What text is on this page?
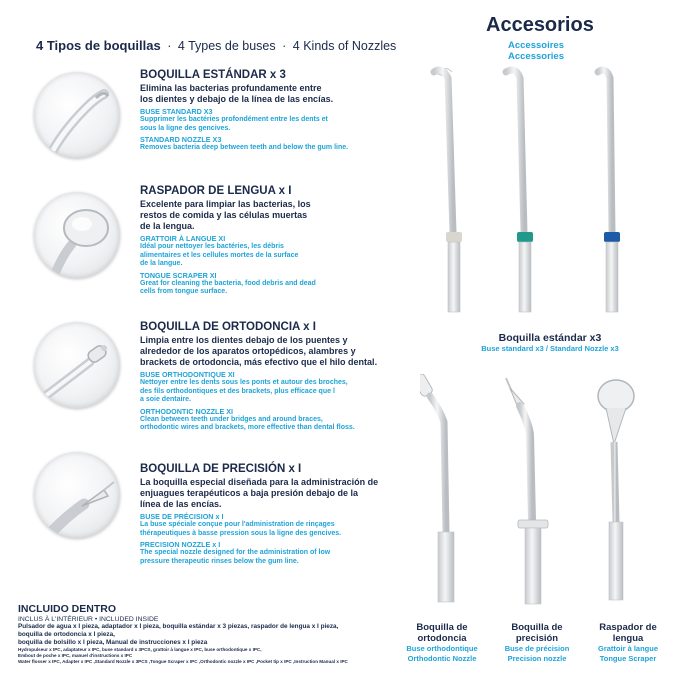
4 Tipos de boquillas · 4 Types de buses · 4 Kinds of Nozzles
BOQUILLA ESTÁNDAR x 3
Elimina las bacterias profundamente entre
los dientes y debajo de la línea de las encías.
BUSE STANDARD X3
Supprimer les bactéries profondément entre les dents et
sous la ligne des gencives.
STANDARD NOZZLE X3
Removes bacteria deep between teeth and below the gum line.
RASPADOR DE LENGUA x I
Excelente para limpiar las bacterias, los
restos de comida y las células muertas
de la lengua.
GRATTOIR À LANGUE XI
Idéal pour nettoyer les bactéries, les débris
alimentaires et les cellules mortes de la surface
de la langue.
TONGUE SCRAPER XI
Great for cleaning the bacteria, food debris and dead
cells from tongue surface.
BOQUILLA DE ORTODONCIA x I
Limpia entre los dientes debajo de los puentes y
alrededor de los aparatos ortopédicos, alambres y
brackets de ortodoncia, más efectivo que el hilo dental.
BUSE ORTHODONTIQUE XI
Nettoyer entre les dents sous les ponts et autour des broches,
des fils orthodontiques et des brackets, plus efficace que l
a soie dentaire.
ORTHODONTIC NOZZLE XI
Clean between teeth under bridges and around braces,
orthodontic wires and brackets, more effective than dental floss.
BOQUILLA DE PRECISIÓN x I
La boquilla especial diseñada para la administración de
enjuagues terapéuticos a baja presión debajo de la
línea de las encías.
BUSE DE PRÉCISION x I
La buse spéciale conçue pour l'administration de rinçages
thérapeutiques à basse pression sous la ligne des gencives.
PRECISION NOZZLE x I
The special nozzle designed for the administration of low
pressure therapeutic rinses below the gum line.
Accesorios
Accessoires
Accessories
Boquilla estándar x3
Buse standard x3 / Standard Nozzle x3
Boquilla de
ortodoncia
Buse orthodontique
Orthodontic Nozzle
Boquilla de
precisión
Buse de précision
Precision nozzle
Raspador de
lengua
Grattoir à langue
Tongue Scraper
INCLUIDO DENTRO
INCLUS À L'INTÉRIEUR • INCLUDED INSIDE
Pulsador de agua x I pieza, adaptador x I pieza, boquilla estándar x 3 piezas, raspador de lengua x I pieza,
boquilla de ortodoncia x I pieza,
boquilla de bolsillo x I pieza, Manual de instrucciones x I pieza
Hydropulseur x IPC, adaptateur x IPC, buse standard x 3PCS, grattoir à langue x IPC, buse orthodontique x IPC,
Embout de poche x IPC, manuel d'instructions x IPC
Water flosser x IPC, Adapter x IPC ,Standard Nozzle x 3PCS ,Tongue Scraper x IPC ,Orthodontic nozzle x IPC ,Pocket tip x IPC ,Instruction Manual x IPC
